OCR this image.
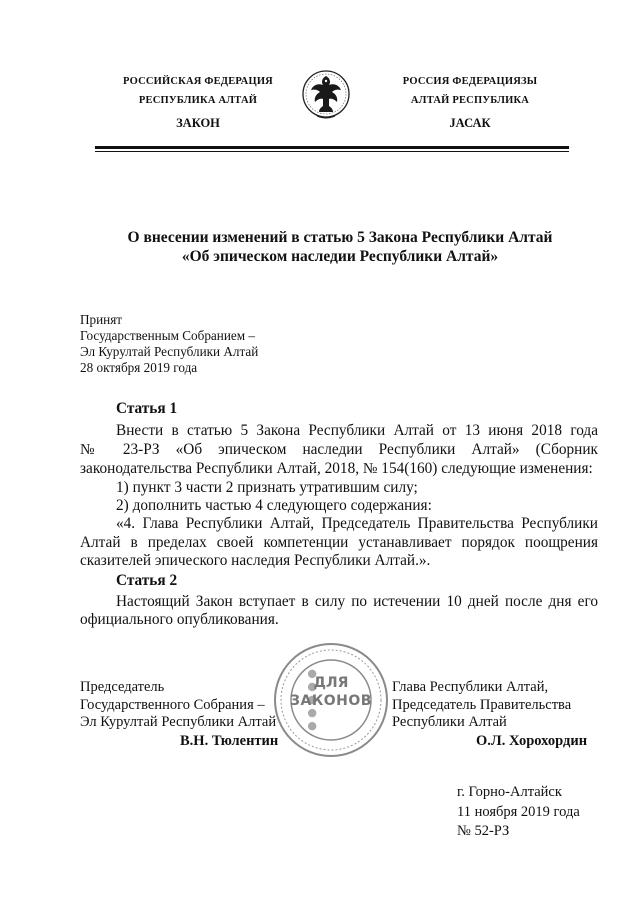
РОССИЙСКАЯ ФЕДЕРАЦИЯ
РЕСПУБЛИКА АЛТАЙ
ЗАКОН
РОССИЯ ФЕДЕРАЦИЯЗЫ
АЛТАЙ РЕСПУБЛИКА
JАСАК
О внесении изменений в статью 5 Закона Республики Алтай
«Об эпическом наследии Республики Алтай»
Принят
Государственным Собранием –
Эл Курултай Республики Алтай
28 октября 2019 года
Статья 1
Внести в статью 5 Закона Республики Алтай от 13 июня 2018 года
№ 23-РЗ «Об эпическом наследии Республики Алтай» (Сборник
законодательства Республики Алтай, 2018, № 154(160) следующие изменения:
1) пункт 3 части 2 признать утратившим силу;
2) дополнить частью 4 следующего содержания:
«4. Глава Республики Алтай, Председатель Правительства Республики
Алтай в пределах своей компетенции устанавливает порядок поощрения
сказителей эпического наследия Республики Алтай.».
Статья 2
Настоящий Закон вступает в силу по истечении 10 дней после дня его
официального опубликования.
● ● ● ● ●
ДЛЯ
ЗАКОНОВ
Председатель
Государственного Собрания –
Эл Курултай Республики Алтай
В.Н. Тюлентин
Глава Республики Алтай,
Председатель Правительства
Республики Алтай
О.Л. Хорохордин
г. Горно-Алтайск
11 ноября 2019 года
№ 52-РЗ
